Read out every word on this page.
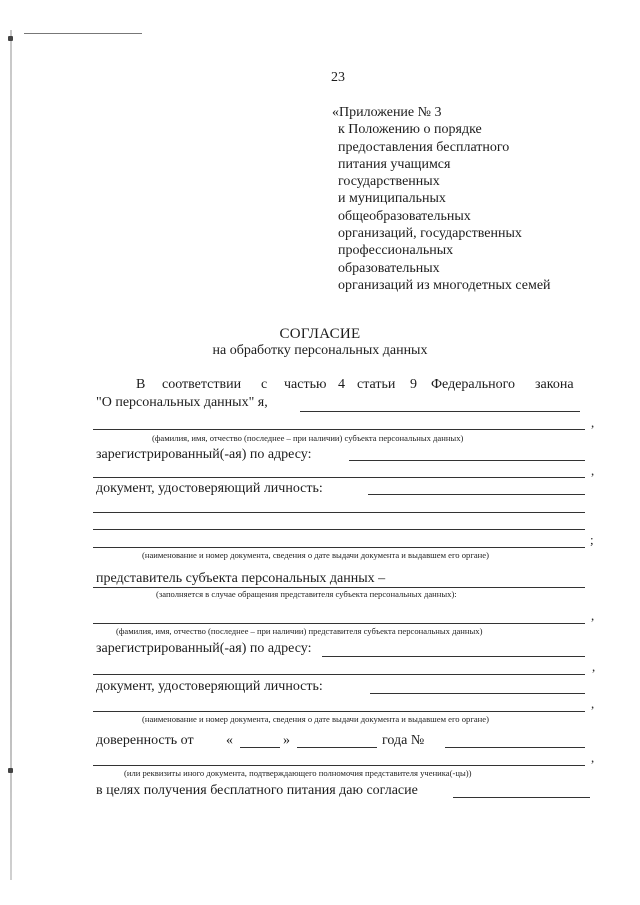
23
«Приложение № 3
к Положению о порядке
предоставления бесплатного
питания учащимся
государственных
и муниципальных
общеобразовательных
организаций, государственных
профессиональных
образовательных
организаций из многодетных семей
СОГЛАСИЕ
на обработку персональных данных
В соответствии с частью 4 статьи 9 Федерального закона
"О персональных данных" я,
,
(фамилия, имя, отчество (последнее – при наличии) субъекта персональных данных)
зарегистрированный(-ая) по адресу:
,
документ, удостоверяющий личность:
;
(наименование и номер документа, сведения о дате выдачи документа и выдавшем его органе)
представитель субъекта персональных данных –
(заполняется в случае обращения представителя субъекта персональных данных):
,
(фамилия, имя, отчество (последнее – при наличии) представителя субъекта персональных данных)
зарегистрированный(-ая) по адресу:
,
документ, удостоверяющий личность:
,
(наименование и номер документа, сведения о дате выдачи документа и выдавшем его органе)
доверенность от «	»	года №
,
(или реквизиты иного документа, подтверждающего полномочия представителя ученика(-цы))
в целях получения бесплатного питания даю согласие
